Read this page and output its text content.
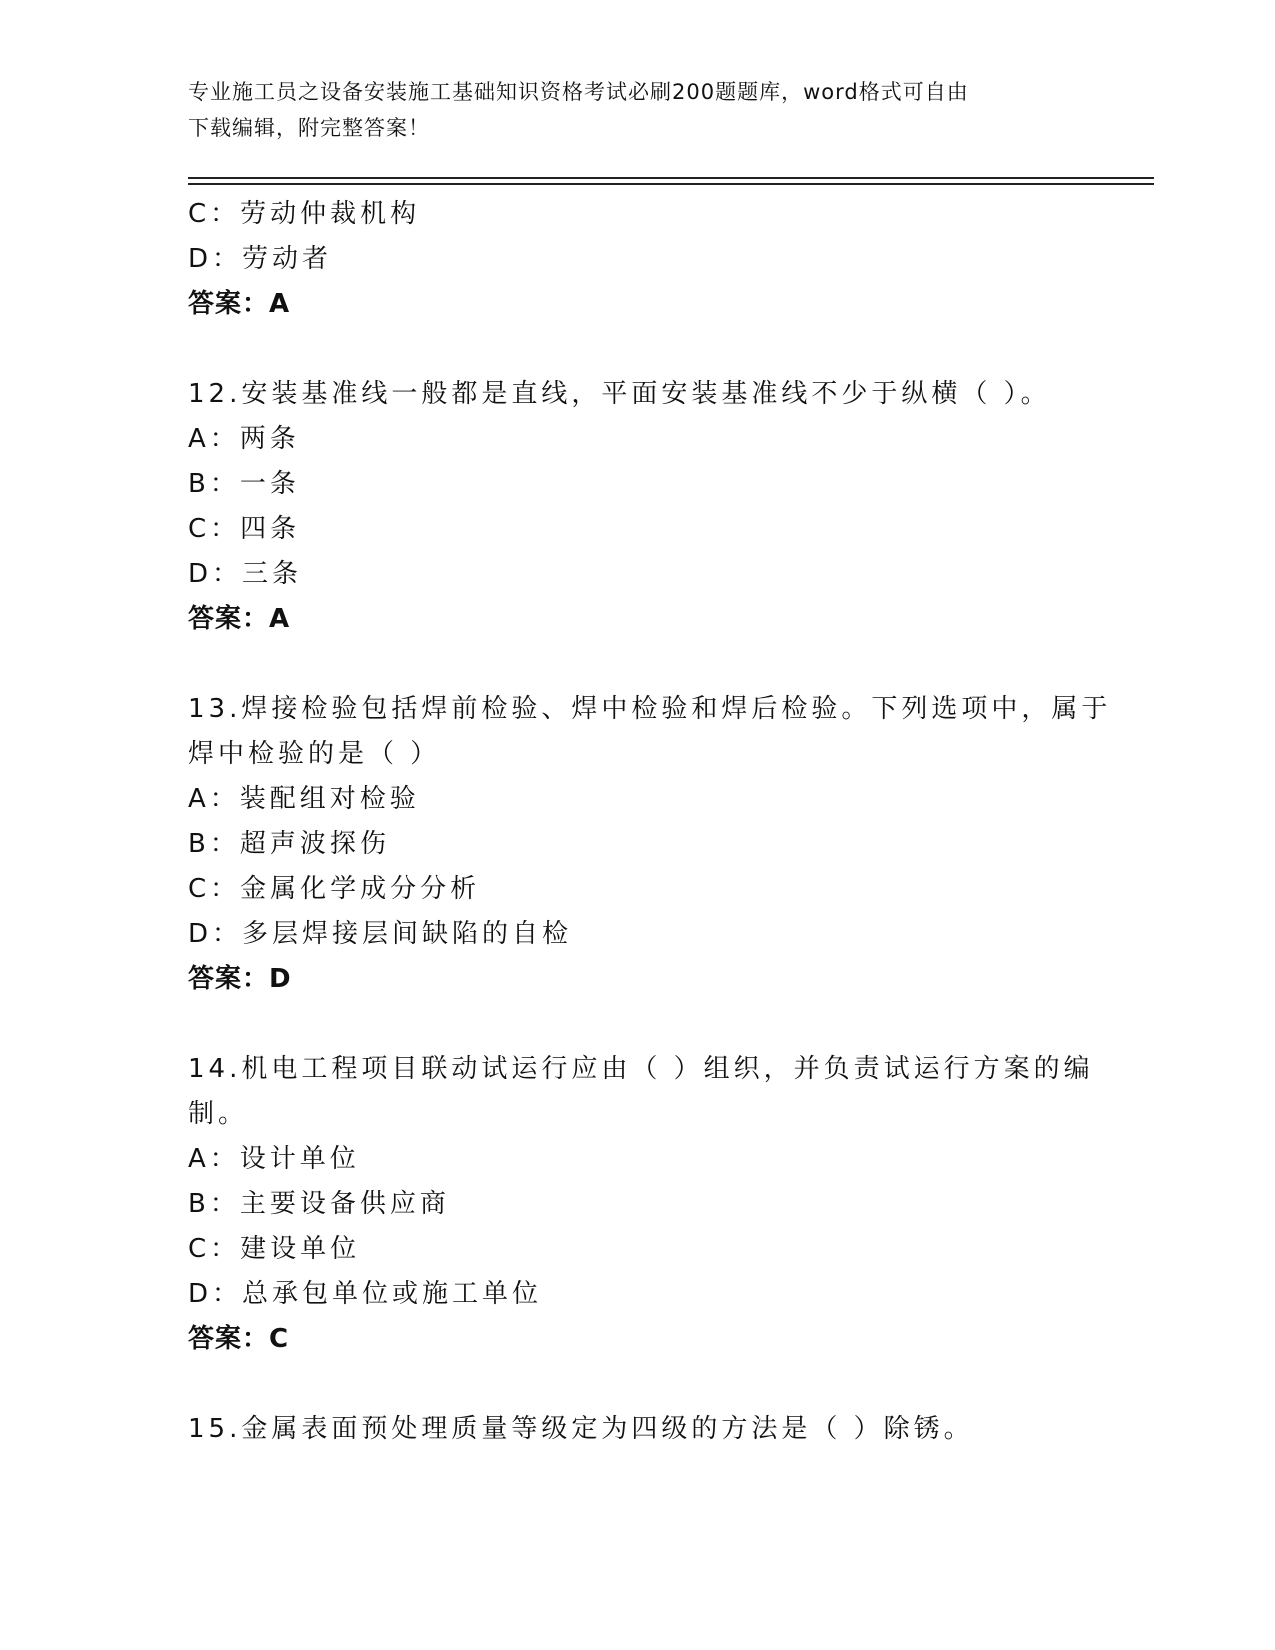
专业施工员之设备安装施工基础知识资格考试必刷200题题库，word格式可自由
下载编辑，附完整答案！
C：劳动仲裁机构
D：劳动者
答案：A
12.安装基准线一般都是直线，平面安装基准线不少于纵横（ ）。
A：两条
B：一条
C：四条
D：三条
答案：A
13.焊接检验包括焊前检验、焊中检验和焊后检验。下列选项中，属于
焊中检验的是（ ）
A：装配组对检验
B：超声波探伤
C：金属化学成分分析
D：多层焊接层间缺陷的自检
答案：D
14.机电工程项目联动试运行应由（ ）组织，并负责试运行方案的编
制。
A：设计单位
B：主要设备供应商
C：建设单位
D：总承包单位或施工单位
答案：C
15.金属表面预处理质量等级定为四级的方法是（ ）除锈。
